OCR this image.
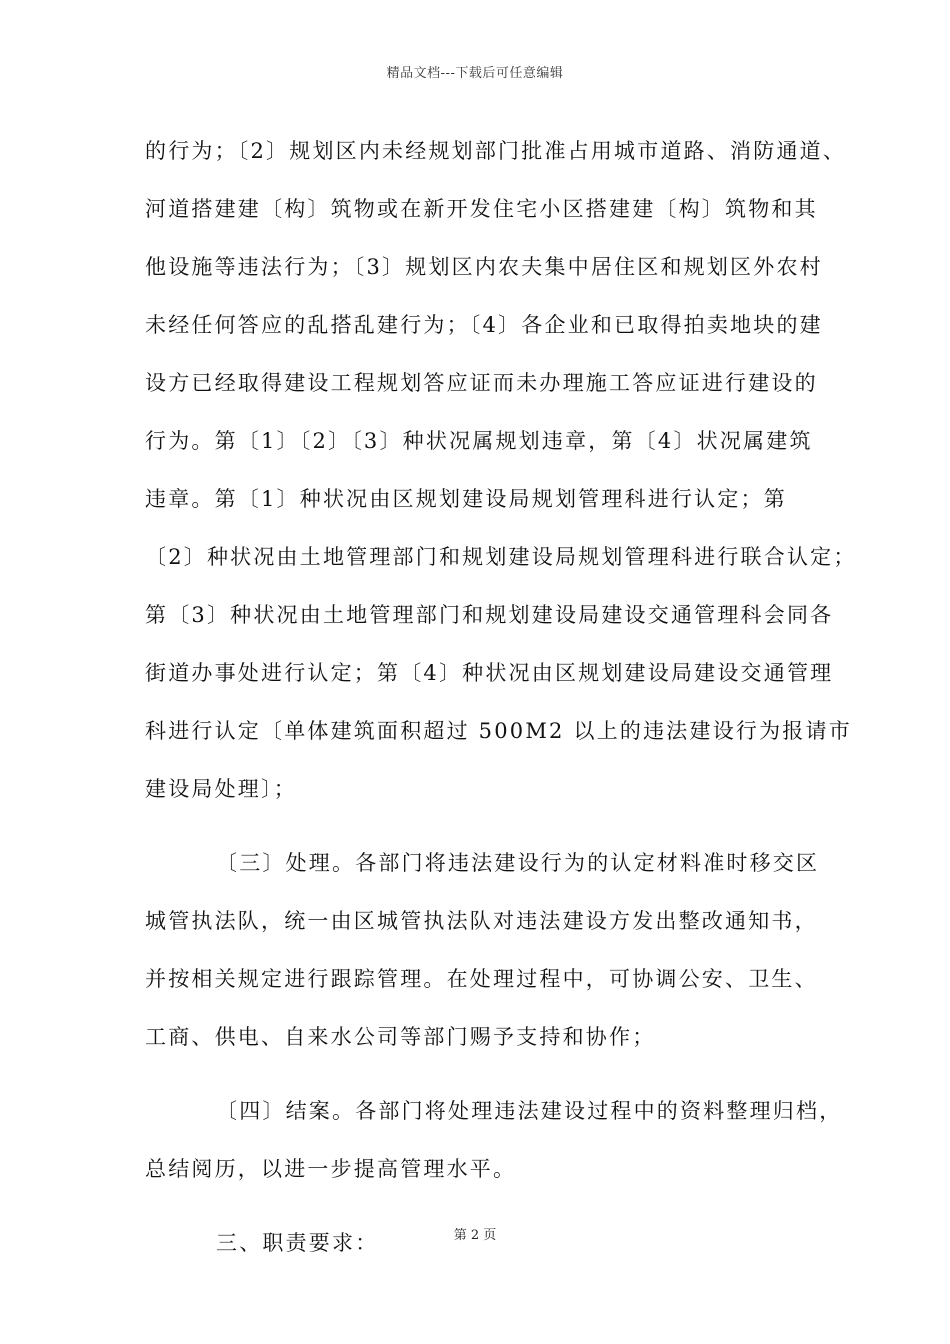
精品文档---下载后可任意编辑
的行为；〔2〕规划区内未经规划部门批准占用城市道路、消防通道、
河道搭建建〔构〕筑物或在新开发住宅小区搭建建〔构〕筑物和其
他设施等违法行为；〔3〕规划区内农夫集中居住区和规划区外农村
未经任何答应的乱搭乱建行为；〔4〕各企业和已取得拍卖地块的建
设方已经取得建设工程规划答应证而未办理施工答应证进行建设的
行为。第〔1〕〔2〕〔3〕种状况属规划违章，第〔4〕状况属建筑
违章。第〔1〕种状况由区规划建设局规划管理科进行认定；第
〔2〕种状况由土地管理部门和规划建设局规划管理科进行联合认定；
第〔3〕种状况由土地管理部门和规划建设局建设交通管理科会同各
街道办事处进行认定；第〔4〕种状况由区规划建设局建设交通管理
科进行认定〔单体建筑面积超过 500M2 以上的违法建设行为报请市
建设局处理〕；
〔三〕处理。各部门将违法建设行为的认定材料准时移交区
城管执法队，统一由区城管执法队对违法建设方发出整改通知书，
并按相关规定进行跟踪管理。在处理过程中，可协调公安、卫生、
工商、供电、自来水公司等部门赐予支持和协作；
〔四〕结案。各部门将处理违法建设过程中的资料整理归档，
总结阅历，以进一步提高管理水平。
三、职责要求：	第 2 页
